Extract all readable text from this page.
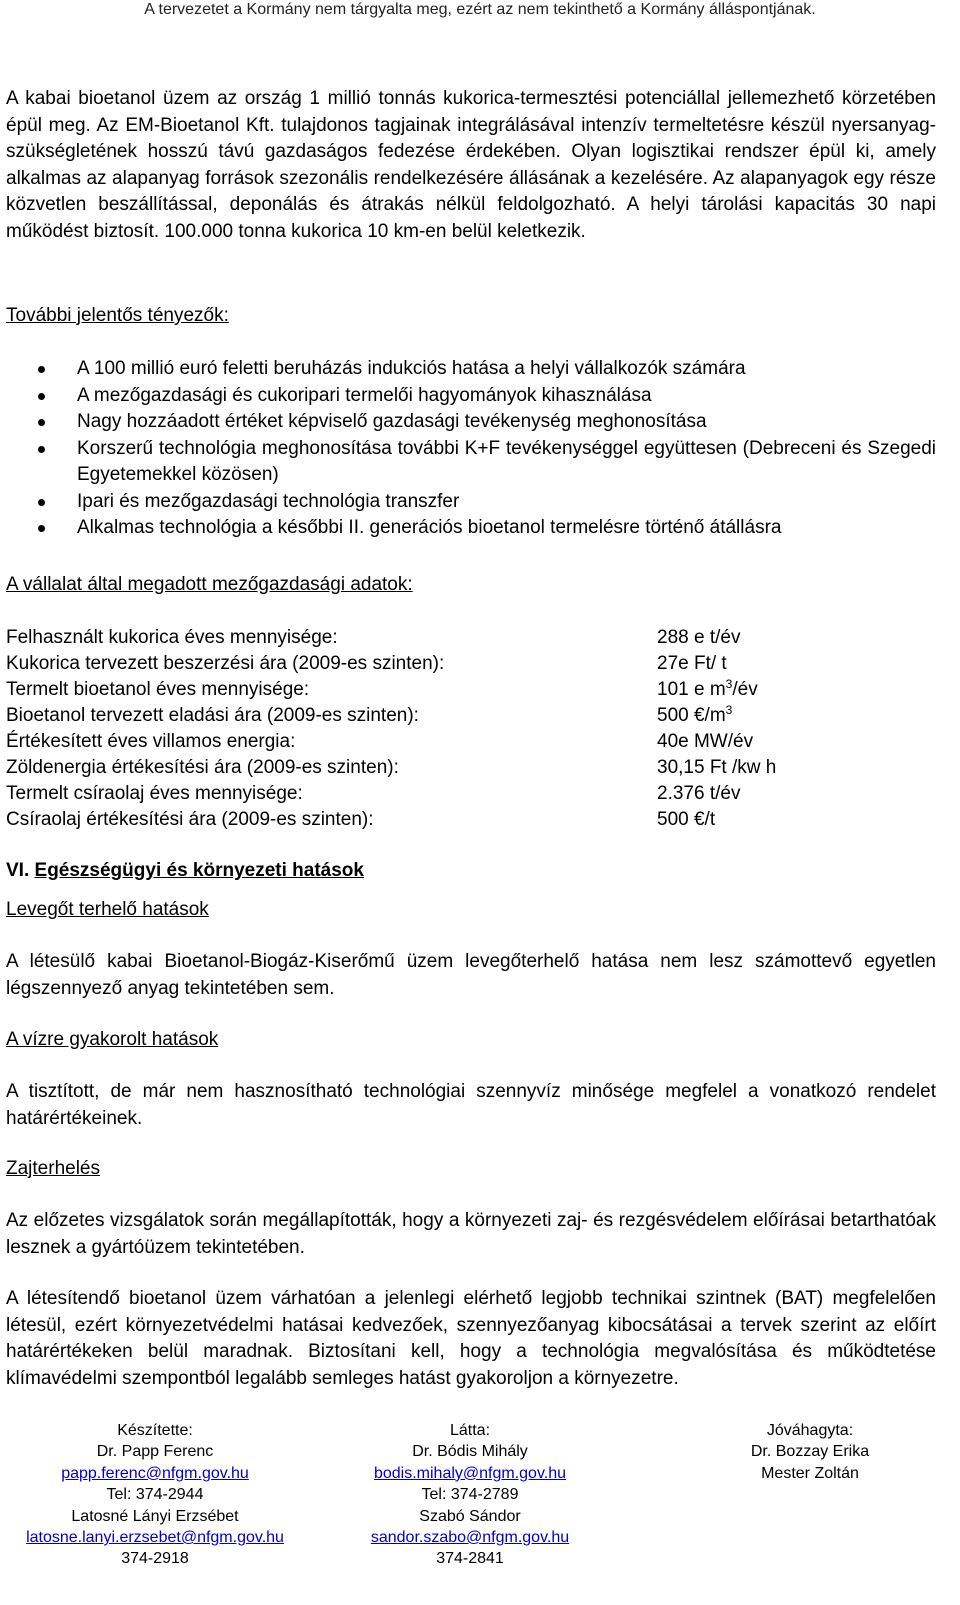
A tervezetet a Kormány nem tárgyalta meg, ezért az nem tekinthető a Kormány álláspontjának.
A kabai bioetanol üzem az ország 1 millió tonnás kukorica-termesztési potenciállal jellemezhető körzetében épül meg. Az EM-Bioetanol Kft. tulajdonos tagjainak integrálásával intenzív termeltetésre készül nyersanyag-szükségletének hosszú távú gazdaságos fedezése érdekében. Olyan logisztikai rendszer épül ki, amely alkalmas az alapanyag források szezonális rendelkezésére állásának a kezelésére. Az alapanyagok egy része közvetlen beszállítással, deponálás és átrakás nélkül feldolgozható. A helyi tárolási kapacitás 30 napi működést biztosít. 100.000 tonna kukorica 10 km-en belül keletkezik.
További jelentős tényezők:
A 100 millió euró feletti beruházás indukciós hatása a helyi vállalkozók számára
A mezőgazdasági és cukoripari termelői hagyományok kihasználása
Nagy hozzáadott értéket képviselő gazdasági tevékenység meghonosítása
Korszerű technológia meghonosítása további K+F tevékenységgel együttesen (Debreceni és Szegedi Egyetemekkel közösen)
Ipari és mezőgazdasági technológia transzfer
Alkalmas technológia a későbbi II. generációs bioetanol termelésre történő átállásra
A vállalat által megadott mezőgazdasági adatok:
Felhasznált kukorica éves mennyisége:	288 e t/év
Kukorica tervezett beszerzési ára (2009-es szinten):	27e Ft/ t
Termelt bioetanol éves mennyisége:	101 e $m^3/év$
Bioetanol tervezett eladási ára (2009-es szinten):	500 $€/m^3$
Értékesített éves villamos energia:	40e MW/év
Zöldenergia értékesítési ára (2009-es szinten):	30,15 Ft /kw h
Termelt csíraolaj éves mennyisége:	2.376 t/év
Csíraolaj értékesítési ára (2009-es szinten):	500 €/t
VI. Egészségügyi és környezeti hatások
Levegőt terhelő hatások
A létesülő kabai Bioetanol-Biogáz-Kiserőmű üzem levegőterhelő hatása nem lesz számottevő egyetlen légszennyező anyag tekintetében sem.
A vízre gyakorolt hatások
A tisztított, de már nem hasznosítható technológiai szennyvíz minősége megfelel a vonatkozó rendelet határértékeinek.
Zajterhelés
Az előzetes vizsgálatok során megállapították, hogy a környezeti zaj- és rezgésvédelem előírásai betarthatóak lesznek a gyártóüzem tekintetében.
A létesítendő bioetanol üzem várhatóan a jelenlegi elérhető legjobb technikai szintnek (BAT) megfelelően létesül, ezért környezetvédelmi hatásai kedvezőek, szennyezőanyag kibocsátásai a tervek szerint az előírt határértékeken belül maradnak. Biztosítani kell, hogy a technológia megvalósítása és működtetése klímavédelmi szempontból legalább semleges hatást gyakoroljon a környezetre.
Készítette:
Dr. Papp Ferenc
papp.ferenc@nfgm.gov.hu
Tel: 374-2944
Latosné Lányi Erzsébet
latosne.lanyi.erzsebet@nfgm.gov.hu
374-2918
Látta:
Dr. Bódis Mihály
bodis.mihaly@nfgm.gov.hu
Tel: 374-2789
Szabó Sándor
sandor.szabo@nfgm.gov.hu
374-2841
Jóváhagyta:
Dr. Bozzay Erika
Mester Zoltán
